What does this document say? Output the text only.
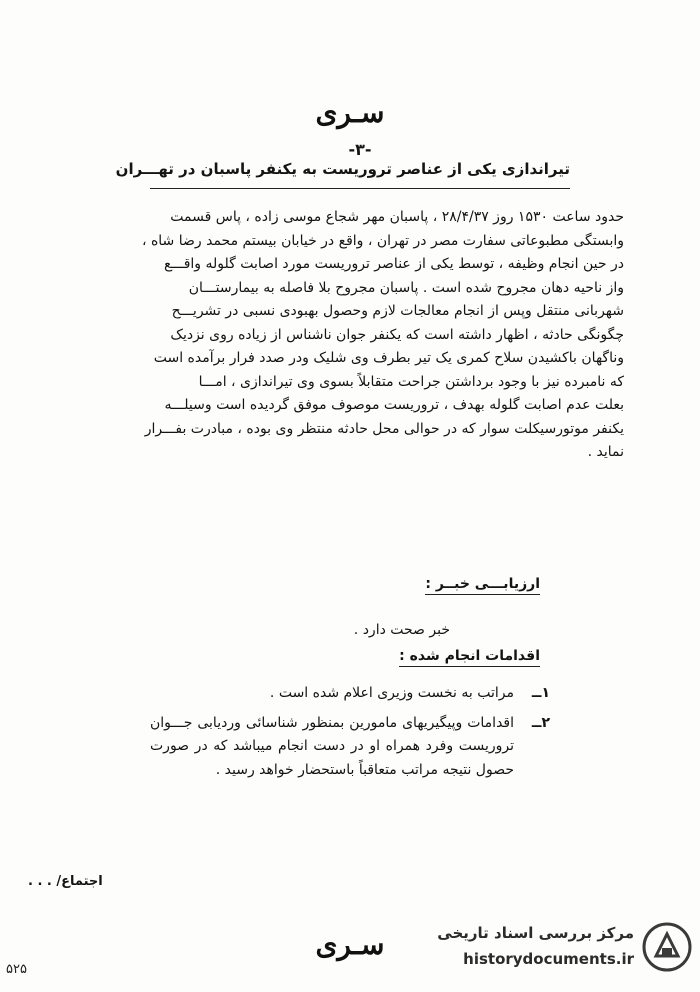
سـری
-۳-
تیراندازی یکی از عناصر تروریست به یکنفر پاسبان در تهـــران

حدود ساعت ۱۵۳۰ روز ۲۸/۴/۳۷ ، پاسبان مهر شجاع موسی زاده ، پاس قسمت

وابستگی مطبوعاتی سفارت مصر در تهران ، واقع در خیابان بیستم محمد رضا شاه ،

در حین انجام وظیفه ، توسط یکی از عناصر تروریست مورد اصابت گلوله واقـــع

واز ناحیه دهان مجروح شده است . پاسبان مجروح بلا فاصله به بیمارستـــان

شهربانی منتقل وپس از انجام معالجات لازم وحصول بهبودی نسبی در تشریـــح

چگونگی حادثه ، اظهار داشته است که یکنفر جوان ناشناس از زیاده روی نزدیک

وناگهان باکشیدن سلاح کمری یک تیر بطرف وی شلیک ودر صدد فرار برآمده است

که نامبرده نیز با وجود برداشتن جراحت متقابلاً بسوی وی تیراندازی ، امـــا

بعلت عدم اصابت گلوله بهدف ، تروریست موصوف موفق گردیده است وسیلـــه

یکنفر موتورسیکلت سوار که در حوالی محل حادثه منتظر وی بوده ، مبادرت بفـــرار

نماید .

ارزیابـــی خبــر :
خبر صحت دارد .
اقدامات انجام شده :
۱ــ
مراتب به نخست وزیری اعلام شده است .
۲ــ
اقدامات وپیگیریهای مامورین بمنظور شناسائی وردیابی جـــوان تروریست وفرد همراه او در دست انجام میباشد که در صورت حصول نتیجه مراتب متعاقباً باستحضار خواهد رسید .
اجتماع/ . . .
سـری
۵۲۵
مرکز بررسی اسناد تاریخی
historydocuments.ir
